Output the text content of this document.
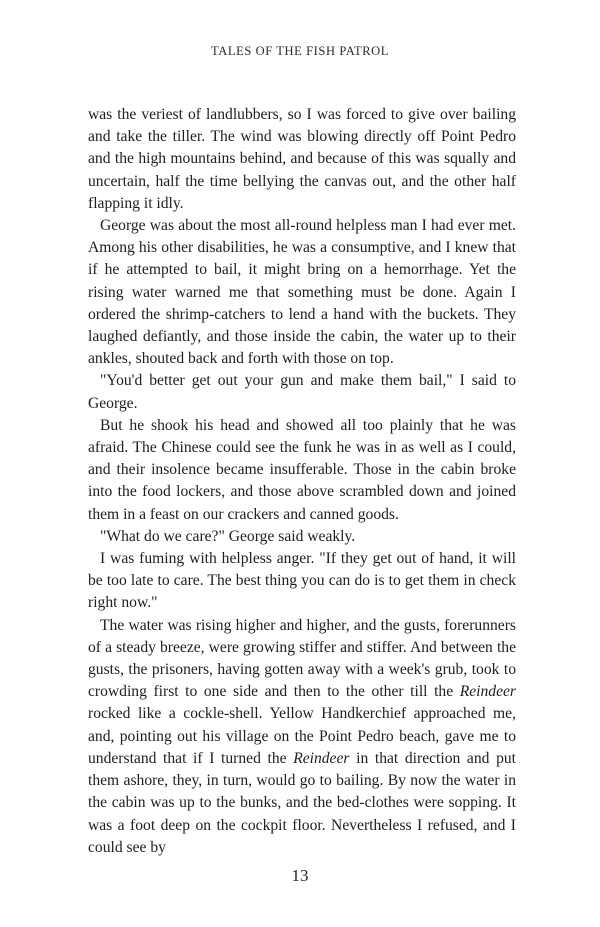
TALES OF THE FISH PATROL

was the veriest of landlubbers, so I was forced to give over bailing and take the tiller. The wind was blowing directly off Point Pedro and the high mountains behind, and because of this was squally and uncertain, half the time bellying the canvas out, and the other half flapping it idly.

George was about the most all-round helpless man I had ever met. Among his other disabilities, he was a consumptive, and I knew that if he attempted to bail, it might bring on a hemorrhage. Yet the rising water warned me that something must be done. Again I ordered the shrimp-catchers to lend a hand with the buckets. They laughed defiantly, and those inside the cabin, the water up to their ankles, shouted back and forth with those on top.

"You'd better get out your gun and make them bail," I said to George.

But he shook his head and showed all too plainly that he was afraid. The Chinese could see the funk he was in as well as I could, and their insolence became insufferable. Those in the cabin broke into the food lockers, and those above scrambled down and joined them in a feast on our crackers and canned goods.

"What do we care?" George said weakly.

I was fuming with helpless anger. "If they get out of hand, it will be too late to care. The best thing you can do is to get them in check right now."

The water was rising higher and higher, and the gusts, forerunners of a steady breeze, were growing stiffer and stiffer. And between the gusts, the prisoners, having gotten away with a week's grub, took to crowding first to one side and then to the other till the Reindeer rocked like a cockle-shell. Yellow Handkerchief approached me, and, pointing out his village on the Point Pedro beach, gave me to understand that if I turned the Reindeer in that direction and put them ashore, they, in turn, would go to bailing. By now the water in the cabin was up to the bunks, and the bed-clothes were sopping. It was a foot deep on the cockpit floor. Nevertheless I refused, and I could see by

13
